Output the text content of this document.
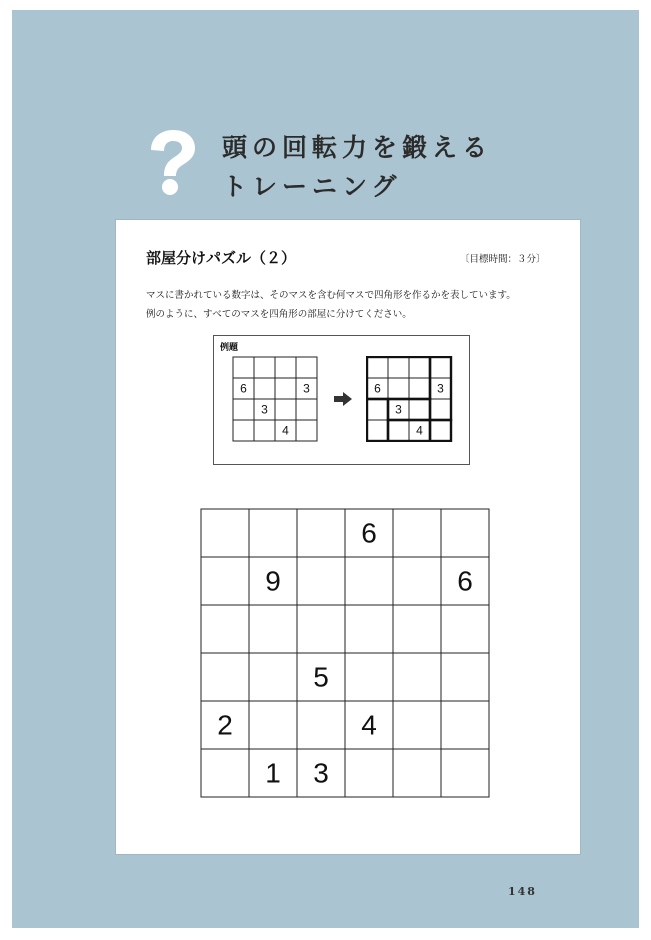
頭の回転力を鍛える
トレーニング
部屋分けパズル（２）	〔目標時間：３分〕
マスに書かれている数字は、そのマスを含む何マスで四角形を作るかを表しています。
例のように、すべてのマスを四角形の部屋に分けてください。
例題
6	3
3
4
6	3
3
4
6
9	6
5
2	4
1 3
148
